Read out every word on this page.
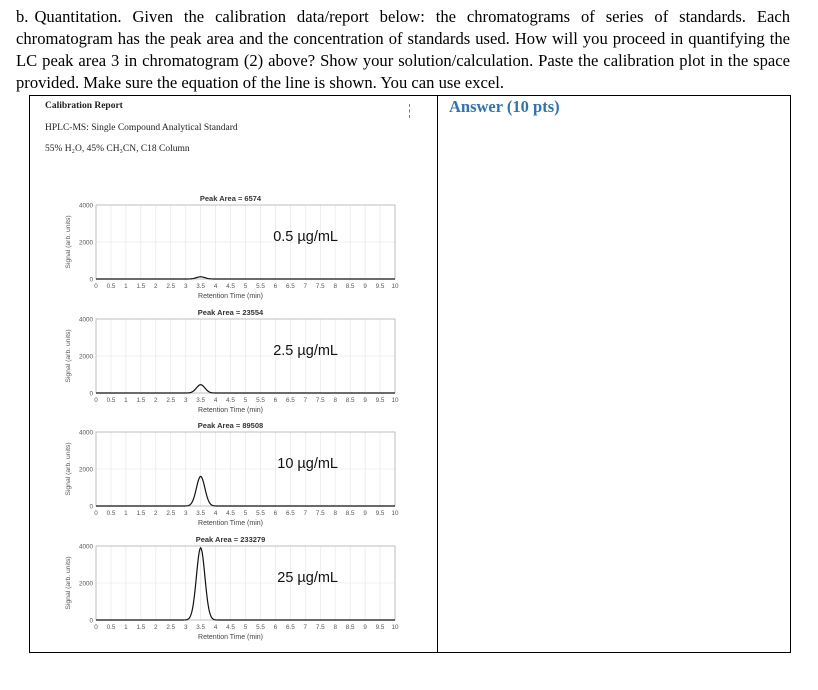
b. Quantitation. Given the calibration data/report below: the chromatograms of series of standards. Each chromatogram has the peak area and the concentration of standards used. How will you proceed in quantifying the LC peak area 3 in chromatogram (2) above? Show your solution/calculation. Paste the calibration plot in the space provided. Make sure the equation of the line is shown. You can use excel.
Calibration Report
HPLC-MS: Single Compound Analytical Standard
55% H₂O, 45% CH₃CN, C18 Column
Peak Area = 6574
0 0.5 1 1.5 2 2.5 3 3.5 4 4.5 5 5.5 6 6.5 7 7.5 8 8.5 9 9.5 10
0
2000
4000
Signal (arb. units)
Retention Time (min)
0.5 µg/mL
Peak Area = 23554
0 0.5 1 1.5 2 2.5 3 3.5 4 4.5 5 5.5 6 6.5 7 7.5 8 8.5 9 9.5 10
0
2000
4000
Signal (arb. units)
Retention Time (min)
2.5 µg/mL
Peak Area = 89508
0 0.5 1 1.5 2 2.5 3 3.5 4 4.5 5 5.5 6 6.5 7 7.5 8 8.5 9 9.5 10
0
2000
4000
Signal (arb. units)
Retention Time (min)
10 µg/mL
Peak Area = 233279
0 0.5 1 1.5 2 2.5 3 3.5 4 4.5 5 5.5 6 6.5 7 7.5 8 8.5 9 9.5 10
0
2000
4000
Signal (arb. units)
Retention Time (min)
25 µg/mL
Answer (10 pts)
